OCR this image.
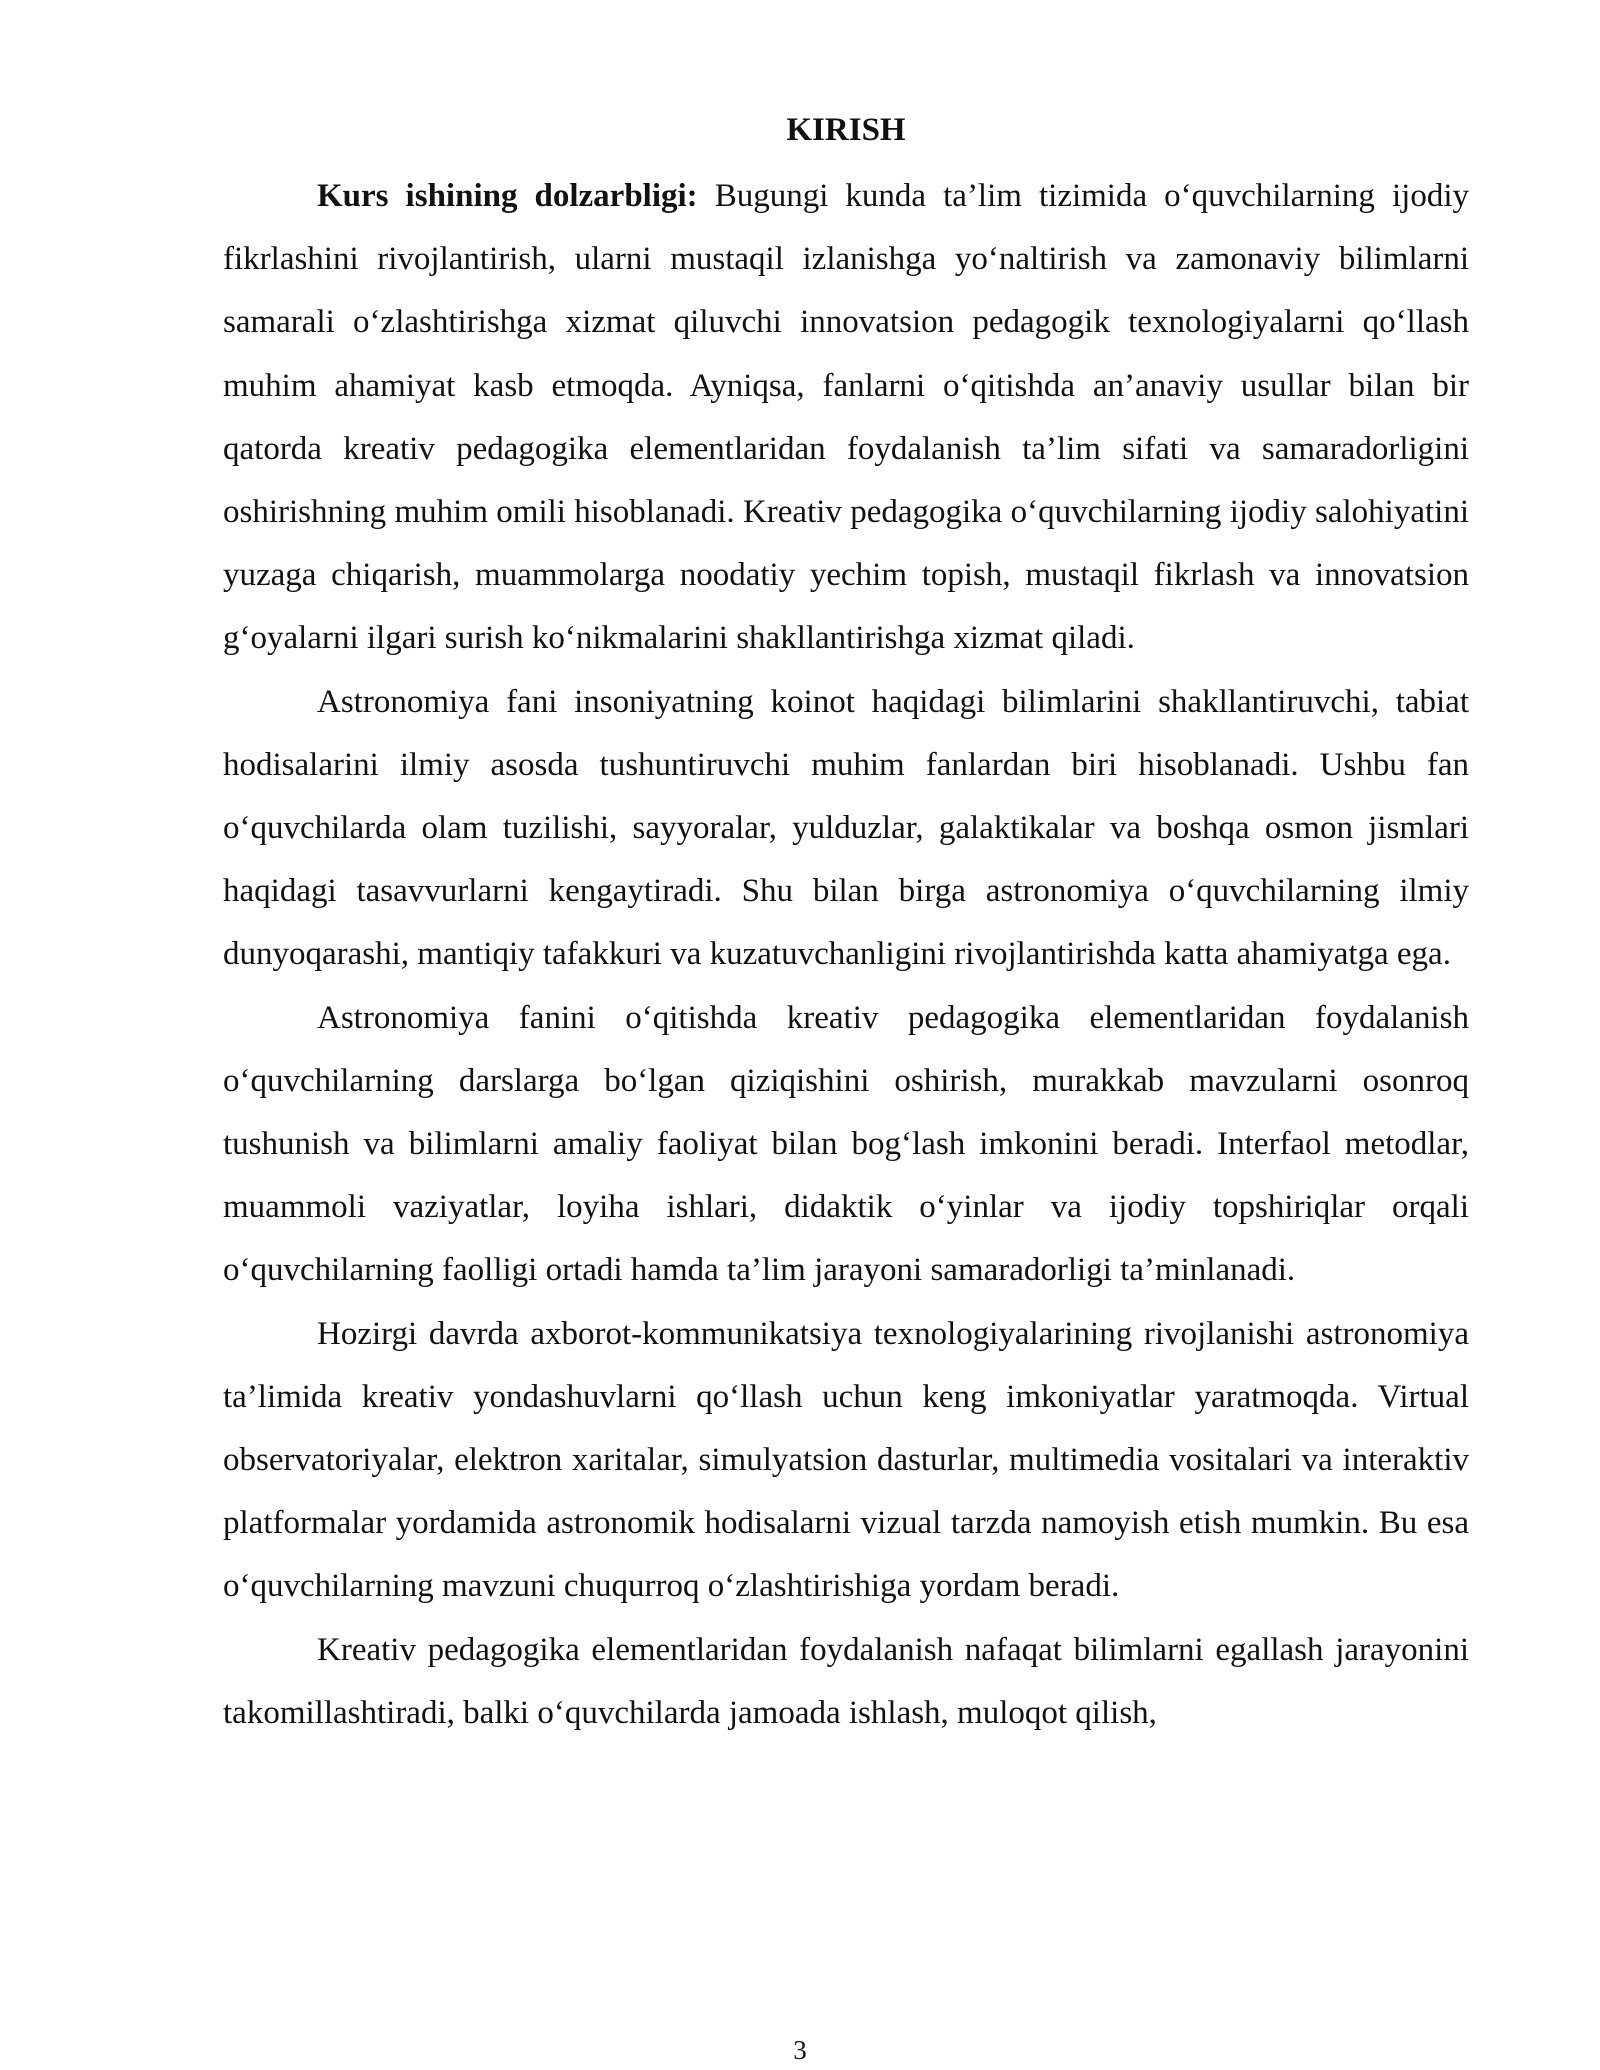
KIRISH

Kurs ishining dolzarbligi: Bugungi kunda ta’lim tizimida o‘quvchilarning ijodiy fikrlashini rivojlantirish, ularni mustaqil izlanishga yo‘naltirish va zamonaviy bilimlarni samarali o‘zlashtirishga xizmat qiluvchi innovatsion pedagogik texnologiyalarni qo‘llash muhim ahamiyat kasb etmoqda. Ayniqsa, fanlarni o‘qitishda an’anaviy usullar bilan bir qatorda kreativ pedagogika elementlaridan foydalanish ta’lim sifati va samaradorligini oshirishning muhim omili hisoblanadi. Kreativ pedagogika o‘quvchilarning ijodiy salohiyatini yuzaga chiqarish, muammolarga noodatiy yechim topish, mustaqil fikrlash va innovatsion g‘oyalarni ilgari surish ko‘nikmalarini shakllantirishga xizmat qiladi.

Astronomiya fani insoniyatning koinot haqidagi bilimlarini shakllantiruvchi, tabiat hodisalarini ilmiy asosda tushuntiruvchi muhim fanlardan biri hisoblanadi. Ushbu fan o‘quvchilarda olam tuzilishi, sayyoralar, yulduzlar, galaktikalar va boshqa osmon jismlari haqidagi tasavvurlarni kengaytiradi. Shu bilan birga astronomiya o‘quvchilarning ilmiy dunyoqarashi, mantiqiy tafakkuri va kuzatuvchanligini rivojlantirishda katta ahamiyatga ega.

Astronomiya fanini o‘qitishda kreativ pedagogika elementlaridan foydalanish o‘quvchilarning darslarga bo‘lgan qiziqishini oshirish, murakkab mavzularni osonroq tushunish va bilimlarni amaliy faoliyat bilan bog‘lash imkonini beradi. Interfaol metodlar, muammoli vaziyatlar, loyiha ishlari, didaktik o‘yinlar va ijodiy topshiriqlar orqali o‘quvchilarning faolligi ortadi hamda ta’lim jarayoni samaradorligi ta’minlanadi.

Hozirgi davrda axborot-kommunikatsiya texnologiyalarining rivojlanishi astronomiya ta’limida kreativ yondashuvlarni qo‘llash uchun keng imkoniyatlar yaratmoqda. Virtual observatoriyalar, elektron xaritalar, simulyatsion dasturlar, multimedia vositalari va interaktiv platformalar yordamida astronomik hodisalarni vizual tarzda namoyish etish mumkin. Bu esa o‘quvchilarning mavzuni chuqurroq o‘zlashtirishiga yordam beradi.

Kreativ pedagogika elementlaridan foydalanish nafaqat bilimlarni egallash jarayonini takomillashtiradi, balki o‘quvchilarda jamoada ishlash, muloqot qilish,

3
